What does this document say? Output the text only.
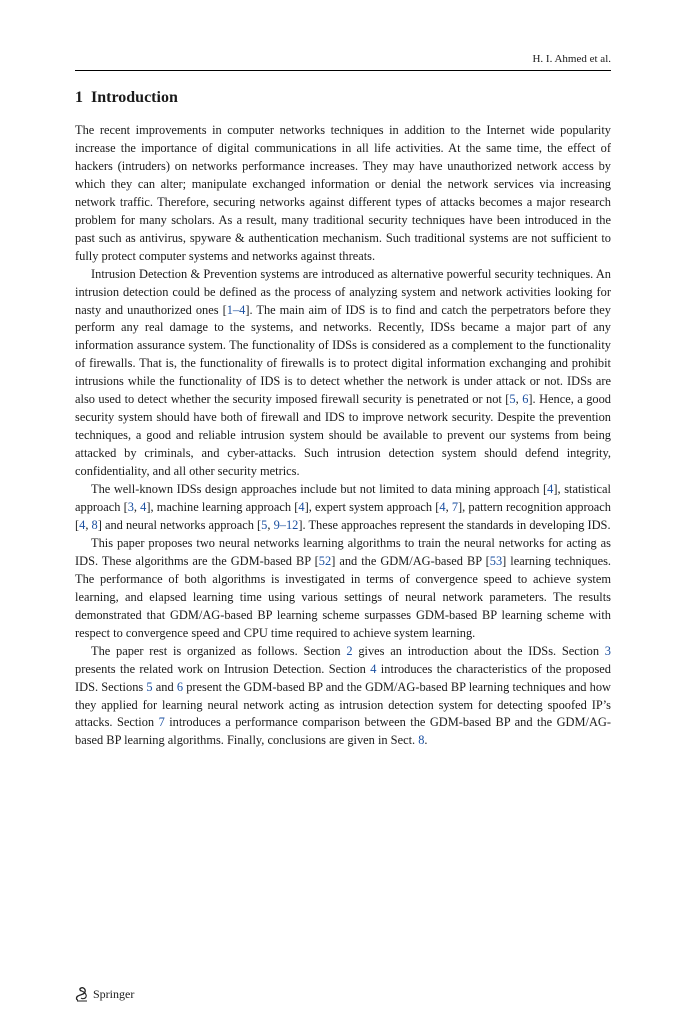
H. I. Ahmed et al.
1 Introduction

The recent improvements in computer networks techniques in addition to the Internet wide popularity increase the importance of digital communications in all life activities. At the same time, the effect of hackers (intruders) on networks performance increases. They may have unauthorized network access by which they can alter; manipulate exchanged information or denial the network services via increasing network traffic. Therefore, securing networks against different types of attacks becomes a major research problem for many scholars. As a result, many traditional security techniques have been introduced in the past such as antivirus, spyware & authentication mechanism. Such traditional systems are not sufficient to fully protect computer systems and networks against threats.

Intrusion Detection & Prevention systems are introduced as alternative powerful security techniques. An intrusion detection could be defined as the process of analyzing system and network activities looking for nasty and unauthorized ones [1–4]. The main aim of IDS is to find and catch the perpetrators before they perform any real damage to the systems, and networks. Recently, IDSs became a major part of any information assurance system. The functionality of IDSs is considered as a complement to the functionality of firewalls. That is, the functionality of firewalls is to protect digital information exchanging and prohibit intrusions while the functionality of IDS is to detect whether the network is under attack or not. IDSs are also used to detect whether the security imposed firewall security is penetrated or not [5, 6]. Hence, a good security system should have both of firewall and IDS to improve network security. Despite the prevention techniques, a good and reliable intrusion system should be available to prevent our systems from being attacked by criminals, and cyber-attacks. Such intrusion detection system should defend integrity, confidentiality, and all other security metrics.

The well-known IDSs design approaches include but not limited to data mining approach [4], statistical approach [3, 4], machine learning approach [4], expert system approach [4, 7], pattern recognition approach [4, 8] and neural networks approach [5, 9–12]. These approaches represent the standards in developing IDS.

This paper proposes two neural networks learning algorithms to train the neural networks for acting as IDS. These algorithms are the GDM-based BP [52] and the GDM/AG-based BP [53] learning techniques. The performance of both algorithms is investigated in terms of convergence speed to achieve system learning, and elapsed learning time using various settings of neural network parameters. The results demonstrated that GDM/AG-based BP learning scheme surpasses GDM-based BP learning scheme with respect to convergence speed and CPU time required to achieve system learning.

The paper rest is organized as follows. Section 2 gives an introduction about the IDSs. Section 3 presents the related work on Intrusion Detection. Section 4 introduces the characteristics of the proposed IDS. Sections 5 and 6 present the GDM-based BP and the GDM/AG-based BP learning techniques and how they applied for learning neural network acting as intrusion detection system for detecting spoofed IP’s attacks. Section 7 introduces a performance comparison between the GDM-based BP and the GDM/AG-based BP learning algorithms. Finally, conclusions are given in Sect. 8.

Springer
